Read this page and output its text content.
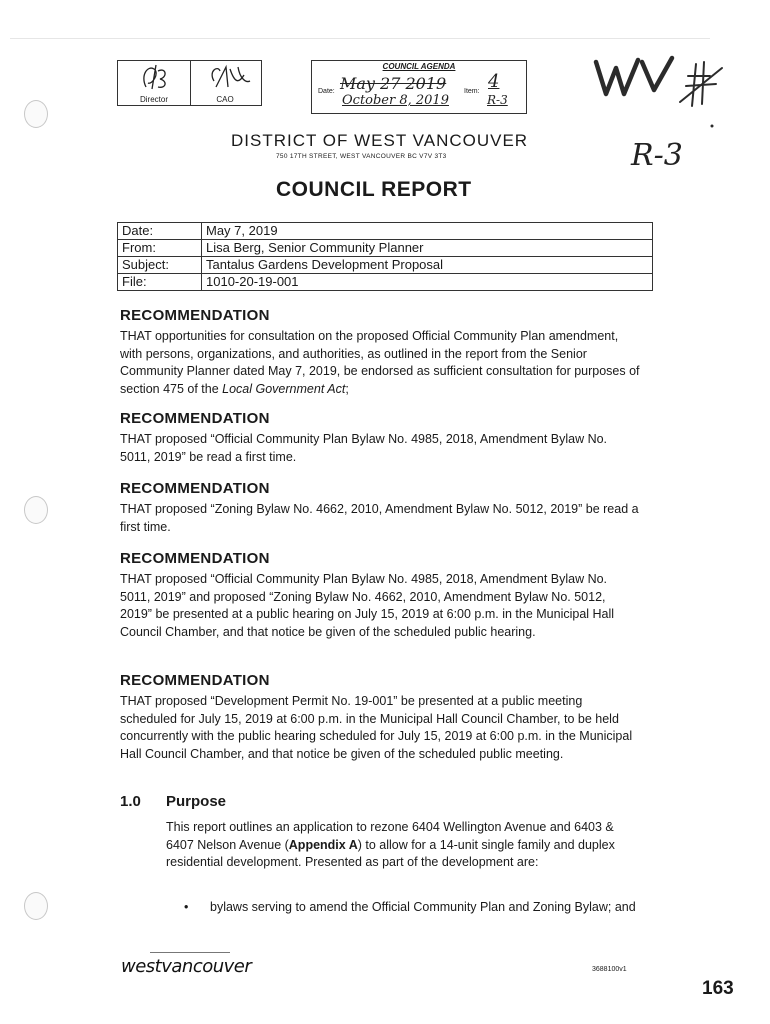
Director	CAO
COUNCIL AGENDA
May 27 2019
Date:	Item:
October 8, 2019
4
R-3
R-3
DISTRICT OF WEST VANCOUVER
750 17TH STREET, WEST VANCOUVER BC V7V 3T3
COUNCIL REPORT
Date:	May 7, 2019
From:	Lisa Berg, Senior Community Planner
Subject:	Tantalus Gardens Development Proposal
File:	1010-20-19-001
RECOMMENDATION

THAT opportunities for consultation on the proposed Official Community Plan amendment, with persons, organizations, and authorities, as outlined in the report from the Senior Community Planner dated May 7, 2019, be endorsed as sufficient consultation for purposes of section 475 of the Local Government Act;

RECOMMENDATION

THAT proposed “Official Community Plan Bylaw No. 4985, 2018, Amendment Bylaw No. 5011, 2019” be read a first time.

RECOMMENDATION

THAT proposed “Zoning Bylaw No. 4662, 2010, Amendment Bylaw No. 5012, 2019” be read a first time.

RECOMMENDATION

THAT proposed “Official Community Plan Bylaw No. 4985, 2018, Amendment Bylaw No. 5011, 2019” and proposed “Zoning Bylaw No. 4662, 2010, Amendment Bylaw No. 5012, 2019” be presented at a public hearing on July 15, 2019 at 6:00 p.m. in the Municipal Hall Council Chamber, and that notice be given of the scheduled public hearing.

RECOMMENDATION

THAT proposed “Development Permit No. 19-001” be presented at a public meeting scheduled for July 15, 2019 at 6:00 p.m. in the Municipal Hall Council Chamber, to be held concurrently with the public hearing scheduled for July 15, 2019 at 6:00 p.m. in the Municipal Hall Council Chamber, and that notice be given of the scheduled public meeting.

1.0 Purpose

This report outlines an application to rezone 6404 Wellington Avenue and 6403 & 6407 Nelson Avenue (Appendix A) to allow for a 14-unit single family and duplex residential development. Presented as part of the development are:

• bylaws serving to amend the Official Community Plan and Zoning Bylaw; and
westvancouver	3688100v1
163
